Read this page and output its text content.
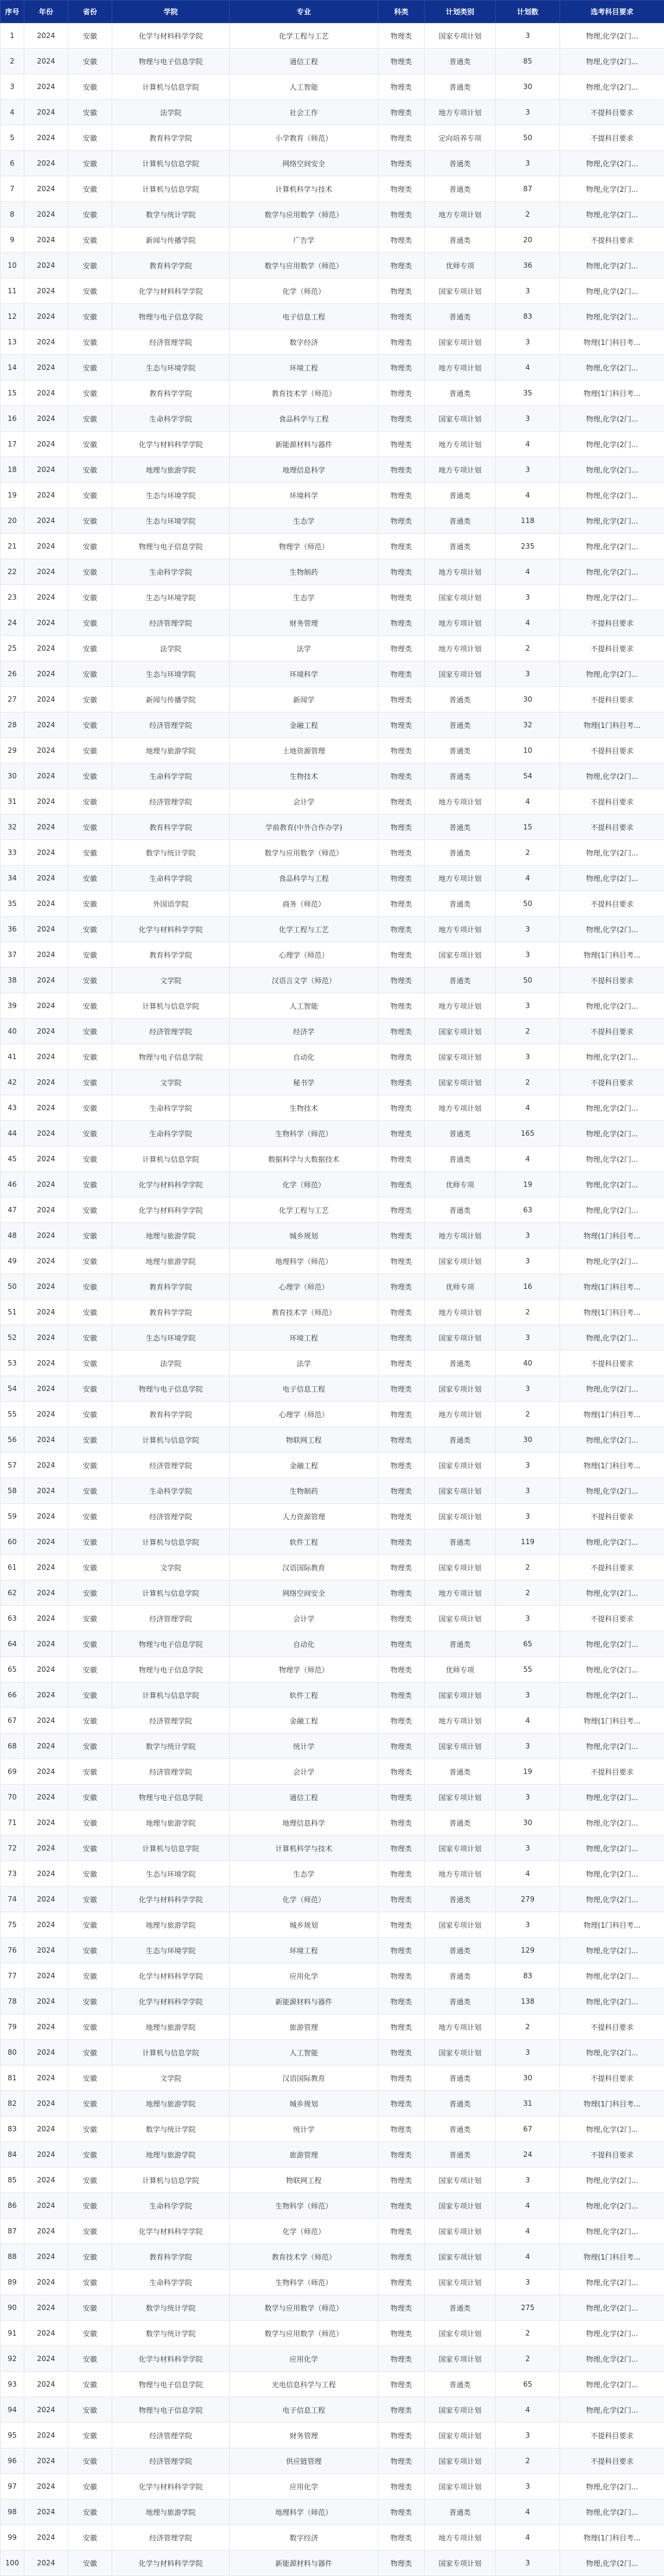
序号	年份	省份	学院	专业	科类	计划类别	计划数	选考科目要求
1	2024	安徽	化学与材料科学学院	化学工程与工艺	物理类	国家专项计划	3	物理,化学(2门...
2	2024	安徽	物理与电子信息学院	通信工程	物理类	普通类	85	物理,化学(2门...
3	2024	安徽	计算机与信息学院	人工智能	物理类	普通类	30	物理,化学(2门...
4	2024	安徽	法学院	社会工作	物理类	地方专项计划	3	不提科目要求
5	2024	安徽	教育科学学院	小学教育（师范）	物理类	定向培养专项	50	不提科目要求
6	2024	安徽	计算机与信息学院	网络空间安全	物理类	普通类	3	物理,化学(2门...
7	2024	安徽	计算机与信息学院	计算机科学与技术	物理类	普通类	87	物理,化学(2门...
8	2024	安徽	数学与统计学院	数学与应用数学（师范）	物理类	地方专项计划	2	物理,化学(2门...
9	2024	安徽	新闻与传播学院	广告学	物理类	普通类	20	不提科目要求
10	2024	安徽	教育科学学院	数学与应用数学（师范）	物理类	优师专项	36	物理,化学(2门...
11	2024	安徽	化学与材料科学学院	化学（师范）	物理类	国家专项计划	3	物理,化学(2门...
12	2024	安徽	物理与电子信息学院	电子信息工程	物理类	普通类	83	物理,化学(2门...
13	2024	安徽	经济管理学院	数字经济	物理类	国家专项计划	3	物理(1门科目考...
14	2024	安徽	生态与环境学院	环境工程	物理类	地方专项计划	4	物理,化学(2门...
15	2024	安徽	教育科学学院	教育技术学（师范）	物理类	普通类	35	物理(1门科目考...
16	2024	安徽	生命科学学院	食品科学与工程	物理类	国家专项计划	3	物理,化学(2门...
17	2024	安徽	化学与材料科学学院	新能源材料与器件	物理类	地方专项计划	4	物理,化学(2门...
18	2024	安徽	地理与旅游学院	地理信息科学	物理类	地方专项计划	3	物理,化学(2门...
19	2024	安徽	生态与环境学院	环境科学	物理类	普通类	4	物理,化学(2门...
20	2024	安徽	生态与环境学院	生态学	物理类	普通类	118	物理,化学(2门...
21	2024	安徽	物理与电子信息学院	物理学（师范）	物理类	普通类	235	物理,化学(2门...
22	2024	安徽	生命科学学院	生物制药	物理类	地方专项计划	4	物理,化学(2门...
23	2024	安徽	生态与环境学院	生态学	物理类	国家专项计划	3	物理,化学(2门...
24	2024	安徽	经济管理学院	财务管理	物理类	地方专项计划	4	不提科目要求
25	2024	安徽	法学院	法学	物理类	地方专项计划	2	不提科目要求
26	2024	安徽	生态与环境学院	环境科学	物理类	国家专项计划	3	物理,化学(2门...
27	2024	安徽	新闻与传播学院	新闻学	物理类	普通类	30	不提科目要求
28	2024	安徽	经济管理学院	金融工程	物理类	普通类	32	物理(1门科目考...
29	2024	安徽	地理与旅游学院	土地资源管理	物理类	普通类	10	不提科目要求
30	2024	安徽	生命科学学院	生物技术	物理类	普通类	54	物理,化学(2门...
31	2024	安徽	经济管理学院	会计学	物理类	地方专项计划	4	不提科目要求
32	2024	安徽	教育科学学院	学前教育(中外合作办学)	物理类	普通类	15	不提科目要求
33	2024	安徽	数学与统计学院	数学与应用数学（师范）	物理类	普通类	2	物理,化学(2门...
34	2024	安徽	生命科学学院	食品科学与工程	物理类	地方专项计划	4	物理,化学(2门...
35	2024	安徽	外国语学院	商务（师范）	物理类	普通类	50	不提科目要求
36	2024	安徽	化学与材料科学学院	化学工程与工艺	物理类	地方专项计划	3	物理,化学(2门...
37	2024	安徽	教育科学学院	心理学（师范）	物理类	国家专项计划	3	物理(1门科目考...
38	2024	安徽	文学院	汉语言文学（师范）	物理类	普通类	50	不提科目要求
39	2024	安徽	计算机与信息学院	人工智能	物理类	地方专项计划	3	物理,化学(2门...
40	2024	安徽	经济管理学院	经济学	物理类	国家专项计划	2	不提科目要求
41	2024	安徽	物理与电子信息学院	自动化	物理类	国家专项计划	3	物理,化学(2门...
42	2024	安徽	文学院	秘书学	物理类	国家专项计划	2	不提科目要求
43	2024	安徽	生命科学学院	生物技术	物理类	地方专项计划	4	物理,化学(2门...
44	2024	安徽	生命科学学院	生物科学（师范）	物理类	普通类	165	物理,化学(2门...
45	2024	安徽	计算机与信息学院	数据科学与大数据技术	物理类	普通类	4	物理,化学(2门...
46	2024	安徽	化学与材料科学学院	化学（师范）	物理类	优师专项	19	物理,化学(2门...
47	2024	安徽	化学与材料科学学院	化学工程与工艺	物理类	普通类	63	物理,化学(2门...
48	2024	安徽	地理与旅游学院	城乡规划	物理类	地方专项计划	3	物理(1门科目考...
49	2024	安徽	地理与旅游学院	地理科学（师范）	物理类	国家专项计划	3	物理,化学(2门...
50	2024	安徽	教育科学学院	心理学（师范）	物理类	优师专项	16	物理(1门科目考...
51	2024	安徽	教育科学学院	教育技术学（师范）	物理类	地方专项计划	2	物理(1门科目考...
52	2024	安徽	生态与环境学院	环境工程	物理类	国家专项计划	3	物理,化学(2门...
53	2024	安徽	法学院	法学	物理类	普通类	40	不提科目要求
54	2024	安徽	物理与电子信息学院	电子信息工程	物理类	国家专项计划	3	物理,化学(2门...
55	2024	安徽	教育科学学院	心理学（师范）	物理类	地方专项计划	2	物理(1门科目考...
56	2024	安徽	计算机与信息学院	物联网工程	物理类	普通类	30	物理,化学(2门...
57	2024	安徽	经济管理学院	金融工程	物理类	国家专项计划	3	物理(1门科目考...
58	2024	安徽	生命科学学院	生物制药	物理类	国家专项计划	3	物理,化学(2门...
59	2024	安徽	经济管理学院	人力资源管理	物理类	国家专项计划	3	不提科目要求
60	2024	安徽	计算机与信息学院	软件工程	物理类	普通类	119	物理,化学(2门...
61	2024	安徽	文学院	汉语国际教育	物理类	国家专项计划	2	不提科目要求
62	2024	安徽	计算机与信息学院	网络空间安全	物理类	地方专项计划	2	物理,化学(2门...
63	2024	安徽	经济管理学院	会计学	物理类	国家专项计划	3	不提科目要求
64	2024	安徽	物理与电子信息学院	自动化	物理类	普通类	65	物理,化学(2门...
65	2024	安徽	物理与电子信息学院	物理学（师范）	物理类	优师专项	55	物理,化学(2门...
66	2024	安徽	计算机与信息学院	软件工程	物理类	国家专项计划	3	物理,化学(2门...
67	2024	安徽	经济管理学院	金融工程	物理类	地方专项计划	4	物理(1门科目考...
68	2024	安徽	数学与统计学院	统计学	物理类	国家专项计划	3	物理,化学(2门...
69	2024	安徽	经济管理学院	会计学	物理类	普通类	19	不提科目要求
70	2024	安徽	物理与电子信息学院	通信工程	物理类	国家专项计划	3	物理,化学(2门...
71	2024	安徽	地理与旅游学院	地理信息科学	物理类	普通类	30	物理,化学(2门...
72	2024	安徽	计算机与信息学院	计算机科学与技术	物理类	国家专项计划	3	物理,化学(2门...
73	2024	安徽	生态与环境学院	生态学	物理类	地方专项计划	4	物理,化学(2门...
74	2024	安徽	化学与材料科学学院	化学（师范）	物理类	普通类	279	物理,化学(2门...
75	2024	安徽	地理与旅游学院	城乡规划	物理类	国家专项计划	3	物理(1门科目考...
76	2024	安徽	生态与环境学院	环境工程	物理类	普通类	129	物理,化学(2门...
77	2024	安徽	化学与材料科学学院	应用化学	物理类	普通类	83	物理,化学(2门...
78	2024	安徽	化学与材料科学学院	新能源材料与器件	物理类	普通类	138	物理,化学(2门...
79	2024	安徽	地理与旅游学院	旅游管理	物理类	地方专项计划	2	不提科目要求
80	2024	安徽	计算机与信息学院	人工智能	物理类	国家专项计划	3	物理,化学(2门...
81	2024	安徽	文学院	汉语国际教育	物理类	普通类	30	不提科目要求
82	2024	安徽	地理与旅游学院	城乡规划	物理类	普通类	31	物理(1门科目考...
83	2024	安徽	数学与统计学院	统计学	物理类	普通类	67	物理,化学(2门...
84	2024	安徽	地理与旅游学院	旅游管理	物理类	普通类	24	不提科目要求
85	2024	安徽	计算机与信息学院	物联网工程	物理类	国家专项计划	3	物理,化学(2门...
86	2024	安徽	生命科学学院	生物科学（师范）	物理类	国家专项计划	4	物理,化学(2门...
87	2024	安徽	化学与材料科学学院	化学（师范）	物理类	国家专项计划	4	物理,化学(2门...
88	2024	安徽	教育科学学院	教育技术学（师范）	物理类	国家专项计划	4	物理(1门科目考...
89	2024	安徽	生命科学学院	生物科学（师范）	物理类	国家专项计划	3	物理,化学(2门...
90	2024	安徽	数学与统计学院	数学与应用数学（师范）	物理类	普通类	275	物理,化学(2门...
91	2024	安徽	数学与统计学院	数学与应用数学（师范）	物理类	国家专项计划	2	物理,化学(2门...
92	2024	安徽	化学与材料科学学院	应用化学	物理类	国家专项计划	2	物理,化学(2门...
93	2024	安徽	物理与电子信息学院	光电信息科学与工程	物理类	普通类	65	物理,化学(2门...
94	2024	安徽	物理与电子信息学院	电子信息工程	物理类	国家专项计划	4	物理,化学(2门...
95	2024	安徽	经济管理学院	财务管理	物理类	国家专项计划	3	不提科目要求
96	2024	安徽	经济管理学院	供应链管理	物理类	国家专项计划	2	不提科目要求
97	2024	安徽	化学与材料科学学院	应用化学	物理类	国家专项计划	3	物理,化学(2门...
98	2024	安徽	地理与旅游学院	地理科学（师范）	物理类	普通类	4	物理,化学(2门...
99	2024	安徽	经济管理学院	数字经济	物理类	地方专项计划	4	物理(1门科目考...
100	2024	安徽	化学与材料科学学院	新能源材料与器件	物理类	国家专项计划	3	物理,化学(2门...
